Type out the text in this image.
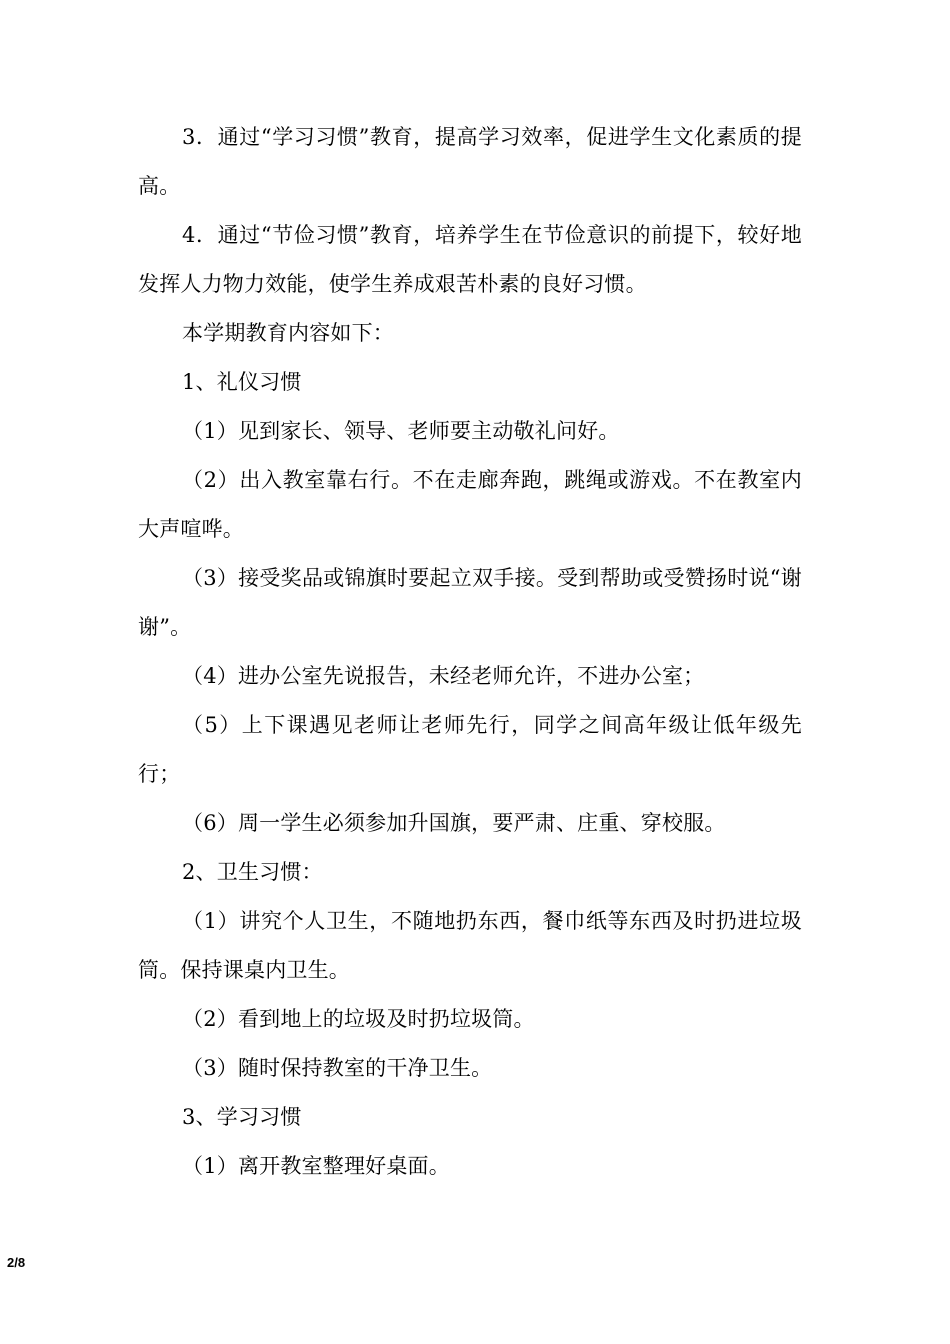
3．通过“学习习惯”教育，提高学习效率，促进学生文化素质的提高。

4．通过“节俭习惯”教育，培养学生在节俭意识的前提下，较好地发挥人力物力效能，使学生养成艰苦朴素的良好习惯。

本学期教育内容如下：

1、礼仪习惯

（1）见到家长、领导、老师要主动敬礼问好。

（2）出入教室靠右行。不在走廊奔跑，跳绳或游戏。不在教室内大声喧哗。

（3）接受奖品或锦旗时要起立双手接。受到帮助或受赞扬时说“谢谢”。

（4）进办公室先说报告，未经老师允许，不进办公室；

（5）上下课遇见老师让老师先行，同学之间高年级让低年级先行；

（6）周一学生必须参加升国旗，要严肃、庄重、穿校服。

2、卫生习惯：

（1）讲究个人卫生，不随地扔东西，餐巾纸等东西及时扔进垃圾筒。保持课桌内卫生。

（2）看到地上的垃圾及时扔垃圾筒。

（3）随时保持教室的干净卫生。

3、学习习惯

（1）离开教室整理好桌面。

2/8
